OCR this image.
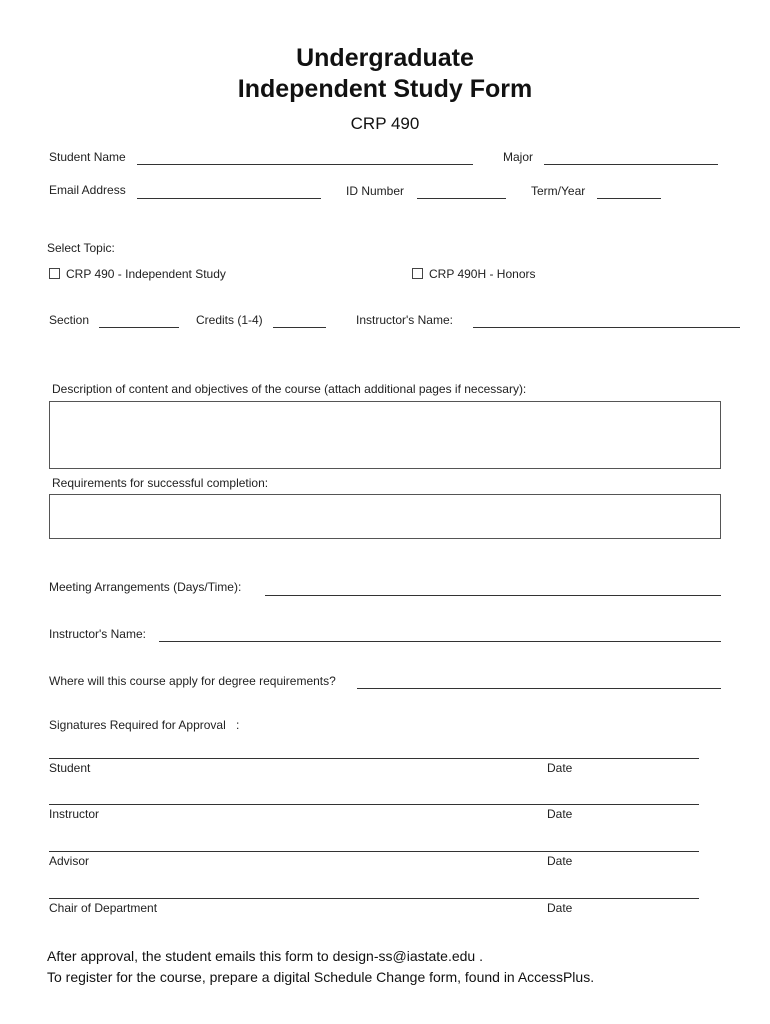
Undergraduate
Independent Study Form
CRP 490
Student Name	Major
Email Address	ID Number	Term/Year
Select Topic:
CRP 490 - Independent Study	CRP 490H - Honors
Section	Credits (1-4)	Instructor's Name:
Description of content and objectives of the course (attach additional pages if necessary):
Requirements for successful completion:
Meeting Arrangements (Days/Time):
Instructor's Name:
Where will this course apply for degree requirements?
Signatures Required for Approval :
Student	Date
Instructor	Date
Advisor	Date
Chair of Department	Date
After approval, the student emails this form to design-ss@iastate.edu .
To register for the course, prepare a digital Schedule Change form, found in AccessPlus.
